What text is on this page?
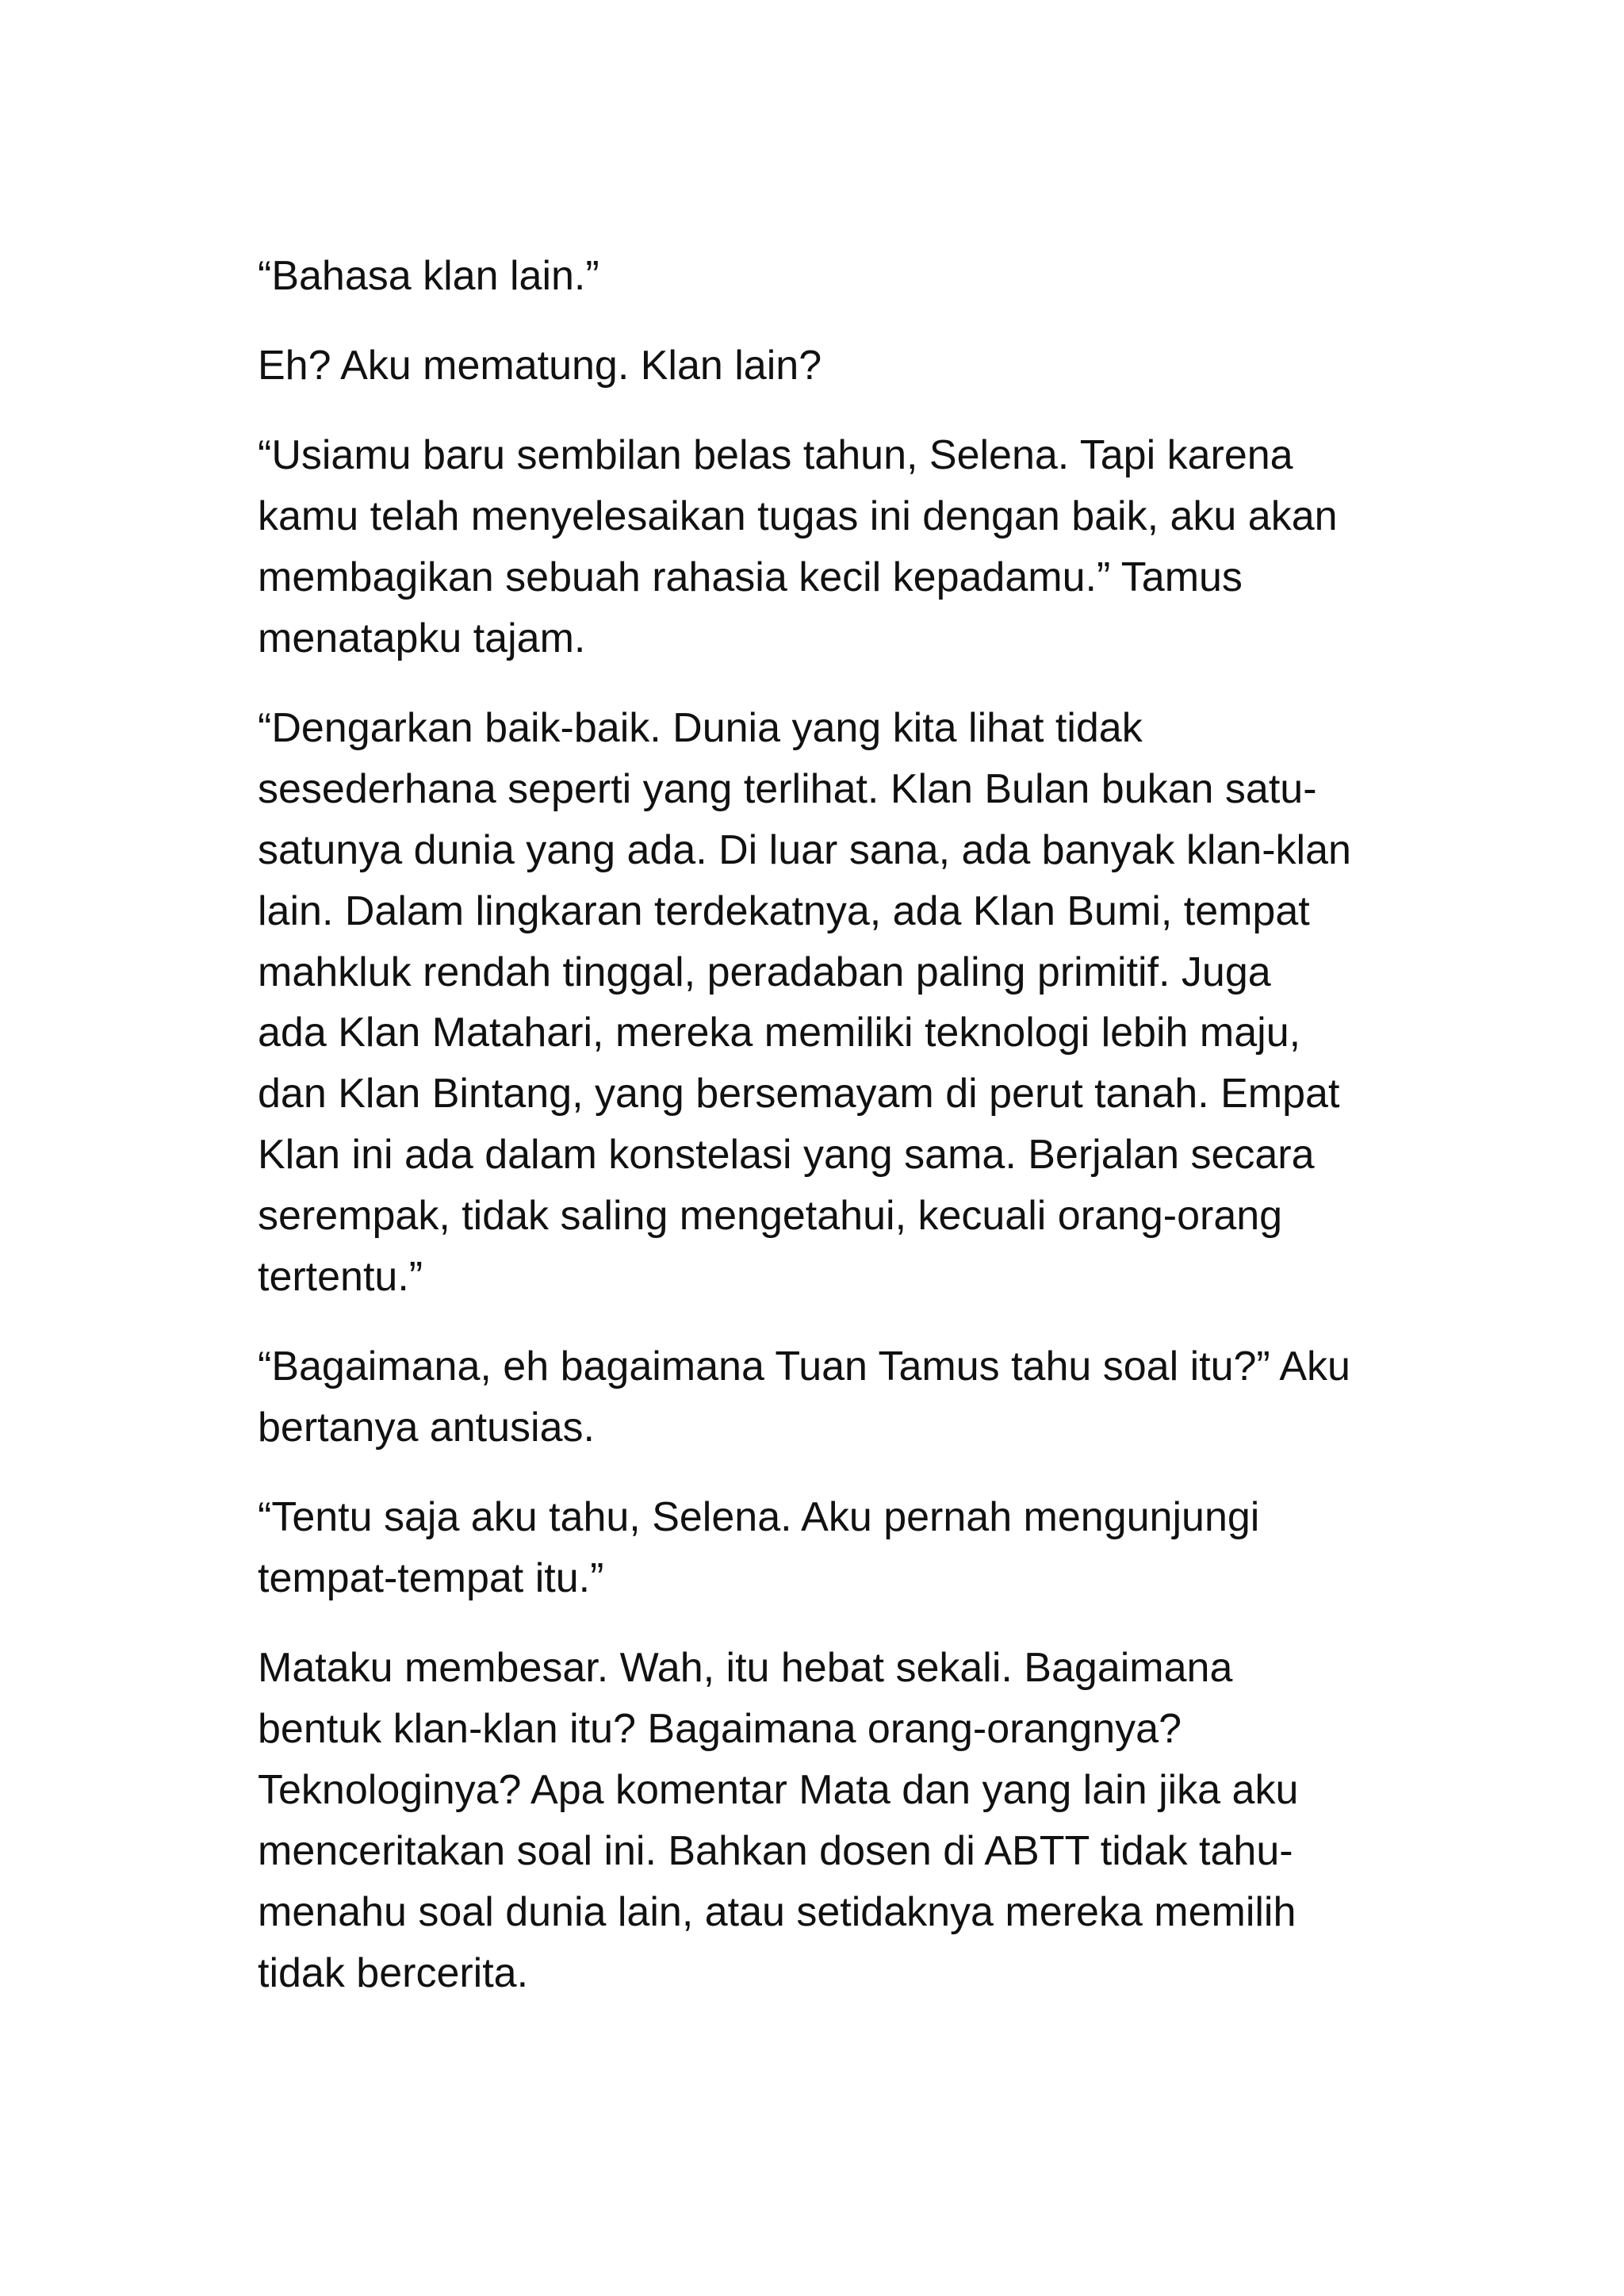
“Bahasa klan lain.”

Eh? Aku mematung. Klan lain?

“Usiamu baru sembilan belas tahun, Selena. Tapi karena
kamu telah menyelesaikan tugas ini dengan baik, aku akan
membagikan sebuah rahasia kecil kepadamu.” Tamus
menatapku tajam.

“Dengarkan baik-baik. Dunia yang kita lihat tidak
sesederhana seperti yang terlihat. Klan Bulan bukan satu-
satunya dunia yang ada. Di luar sana, ada banyak klan-klan
lain. Dalam lingkaran terdekatnya, ada Klan Bumi, tempat
mahkluk rendah tinggal, peradaban paling primitif. Juga
ada Klan Matahari, mereka memiliki teknologi lebih maju,
dan Klan Bintang, yang bersemayam di perut tanah. Empat
Klan ini ada dalam konstelasi yang sama. Berjalan secara
serempak, tidak saling mengetahui, kecuali orang-orang
tertentu.”

“Bagaimana, eh bagaimana Tuan Tamus tahu soal itu?” Aku
bertanya antusias.

“Tentu saja aku tahu, Selena. Aku pernah mengunjungi
tempat-tempat itu.”

Mataku membesar. Wah, itu hebat sekali. Bagaimana
bentuk klan-klan itu? Bagaimana orang-orangnya?
Teknologinya? Apa komentar Mata dan yang lain jika aku
menceritakan soal ini. Bahkan dosen di ABTT tidak tahu-
menahu soal dunia lain, atau setidaknya mereka memilih
tidak bercerita.
